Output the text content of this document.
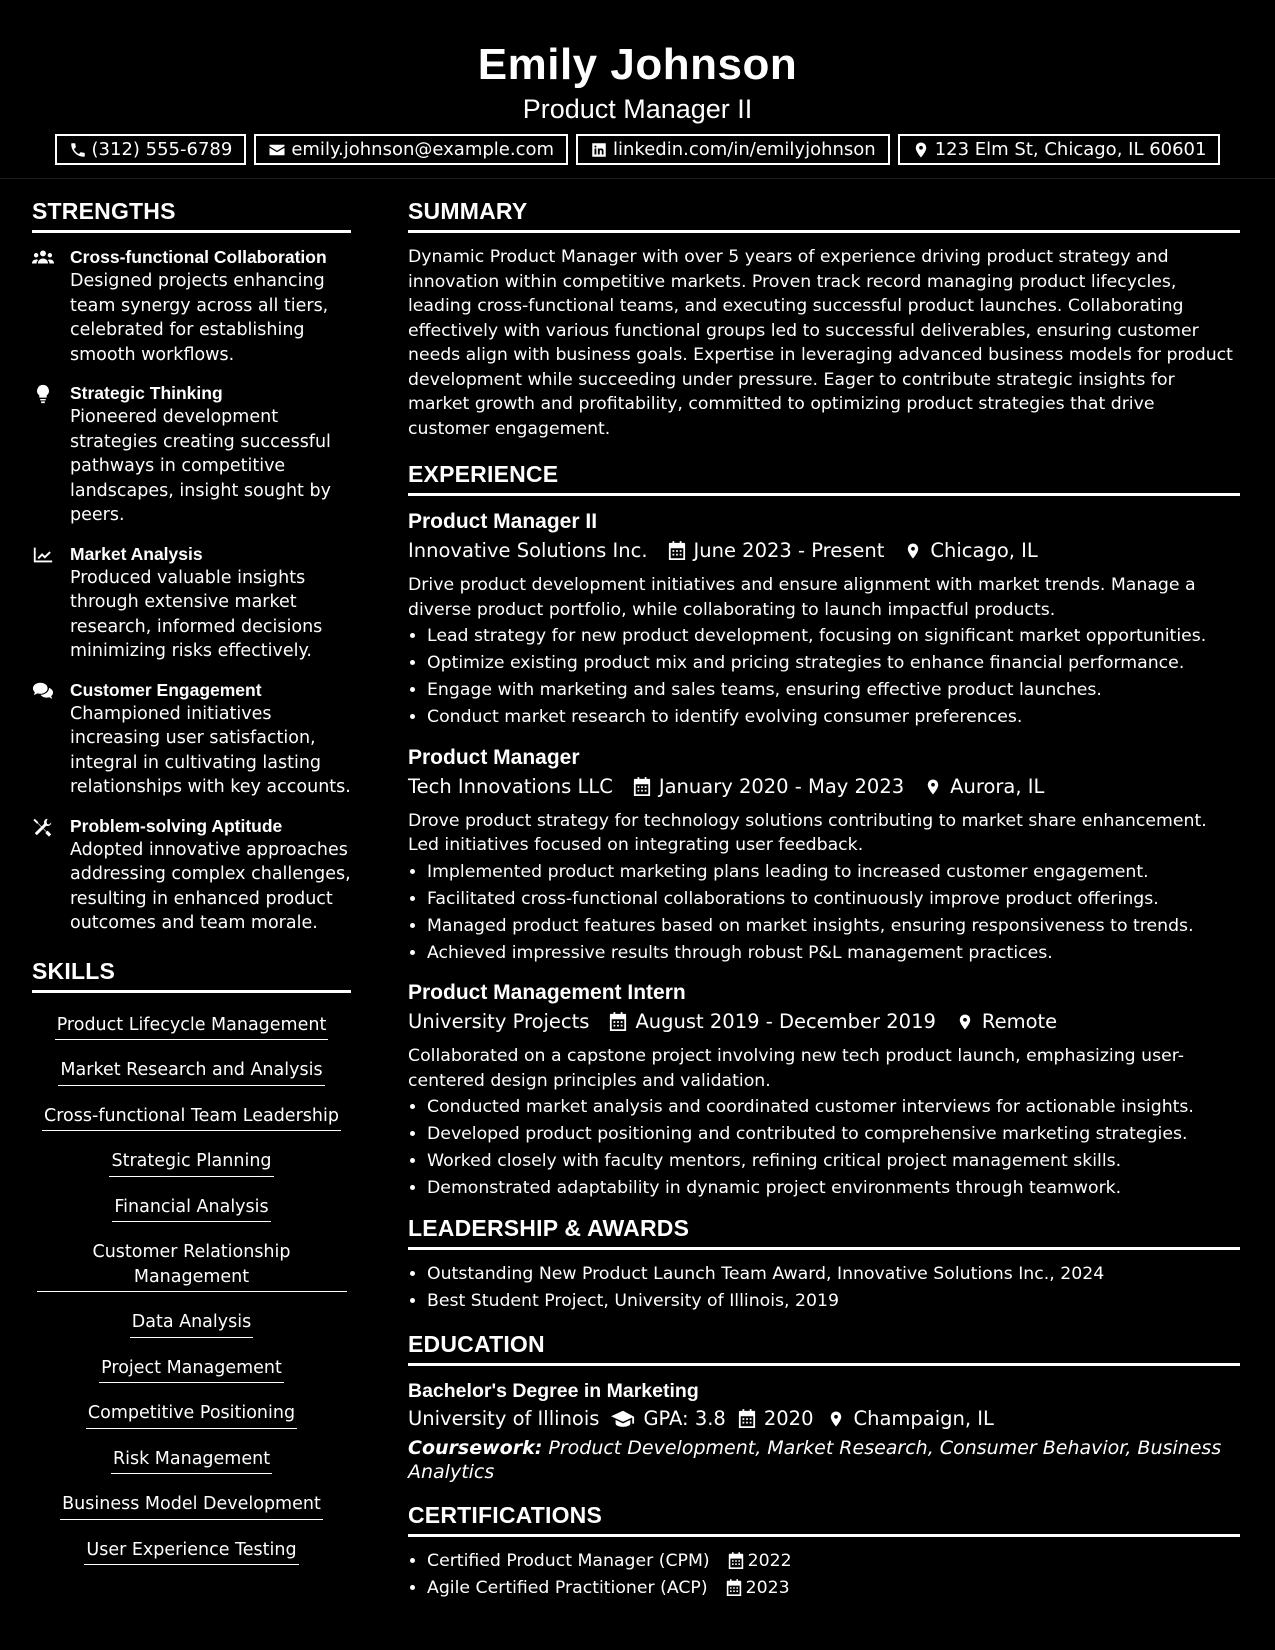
Emily Johnson
Product Manager II
(312) 555-6789	emily.johnson@example.com	linkedin.com/in/emilyjohnson	123 Elm St, Chicago, IL 60601
STRENGTHS
Cross-functional Collaboration
Designed projects enhancing team synergy across all tiers, celebrated for establishing smooth workflows.
Strategic Thinking
Pioneered development strategies creating successful pathways in competitive landscapes, insight sought by peers.
Market Analysis
Produced valuable insights through extensive market research, informed decisions minimizing risks effectively.
Customer Engagement
Championed initiatives increasing user satisfaction, integral in cultivating lasting relationships with key accounts.
Problem-solving Aptitude
Adopted innovative approaches addressing complex challenges, resulting in enhanced product outcomes and team morale.
SKILLS
Product Lifecycle Management
Market Research and Analysis
Cross-functional Team Leadership
Strategic Planning
Financial Analysis
Customer Relationship Management
Data Analysis
Project Management
Competitive Positioning
Risk Management
Business Model Development
User Experience Testing
SUMMARY
Dynamic Product Manager with over 5 years of experience driving product strategy and innovation within competitive markets. Proven track record managing product lifecycles, leading cross-functional teams, and executing successful product launches. Collaborating effectively with various functional groups led to successful deliverables, ensuring customer needs align with business goals. Expertise in leveraging advanced business models for product development while succeeding under pressure. Eager to contribute strategic insights for market growth and profitability, committed to optimizing product strategies that drive customer engagement.
EXPERIENCE
Product Manager II
Innovative Solutions Inc. June 2023 - Present Chicago, IL
Drive product development initiatives and ensure alignment with market trends. Manage a diverse product portfolio, while collaborating to launch impactful products.
• Lead strategy for new product development, focusing on significant market opportunities.
• Optimize existing product mix and pricing strategies to enhance financial performance.
• Engage with marketing and sales teams, ensuring effective product launches.
• Conduct market research to identify evolving consumer preferences.
Product Manager
Tech Innovations LLC January 2020 - May 2023 Aurora, IL
Drove product strategy for technology solutions contributing to market share enhancement. Led initiatives focused on integrating user feedback.
• Implemented product marketing plans leading to increased customer engagement.
• Facilitated cross-functional collaborations to continuously improve product offerings.
• Managed product features based on market insights, ensuring responsiveness to trends.
• Achieved impressive results through robust P&L management practices.
Product Management Intern
University Projects August 2019 - December 2019 Remote
Collaborated on a capstone project involving new tech product launch, emphasizing user-centered design principles and validation.
• Conducted market analysis and coordinated customer interviews for actionable insights.
• Developed product positioning and contributed to comprehensive marketing strategies.
• Worked closely with faculty mentors, refining critical project management skills.
• Demonstrated adaptability in dynamic project environments through teamwork.
LEADERSHIP & AWARDS
• Outstanding New Product Launch Team Award, Innovative Solutions Inc., 2024
• Best Student Project, University of Illinois, 2019
EDUCATION
Bachelor's Degree in Marketing
University of Illinois GPA: 3.8 2020 Champaign, IL
Coursework: Product Development, Market Research, Consumer Behavior, Business Analytics
CERTIFICATIONS
• Certified Product Manager (CPM) 2022
• Agile Certified Practitioner (ACP) 2023
